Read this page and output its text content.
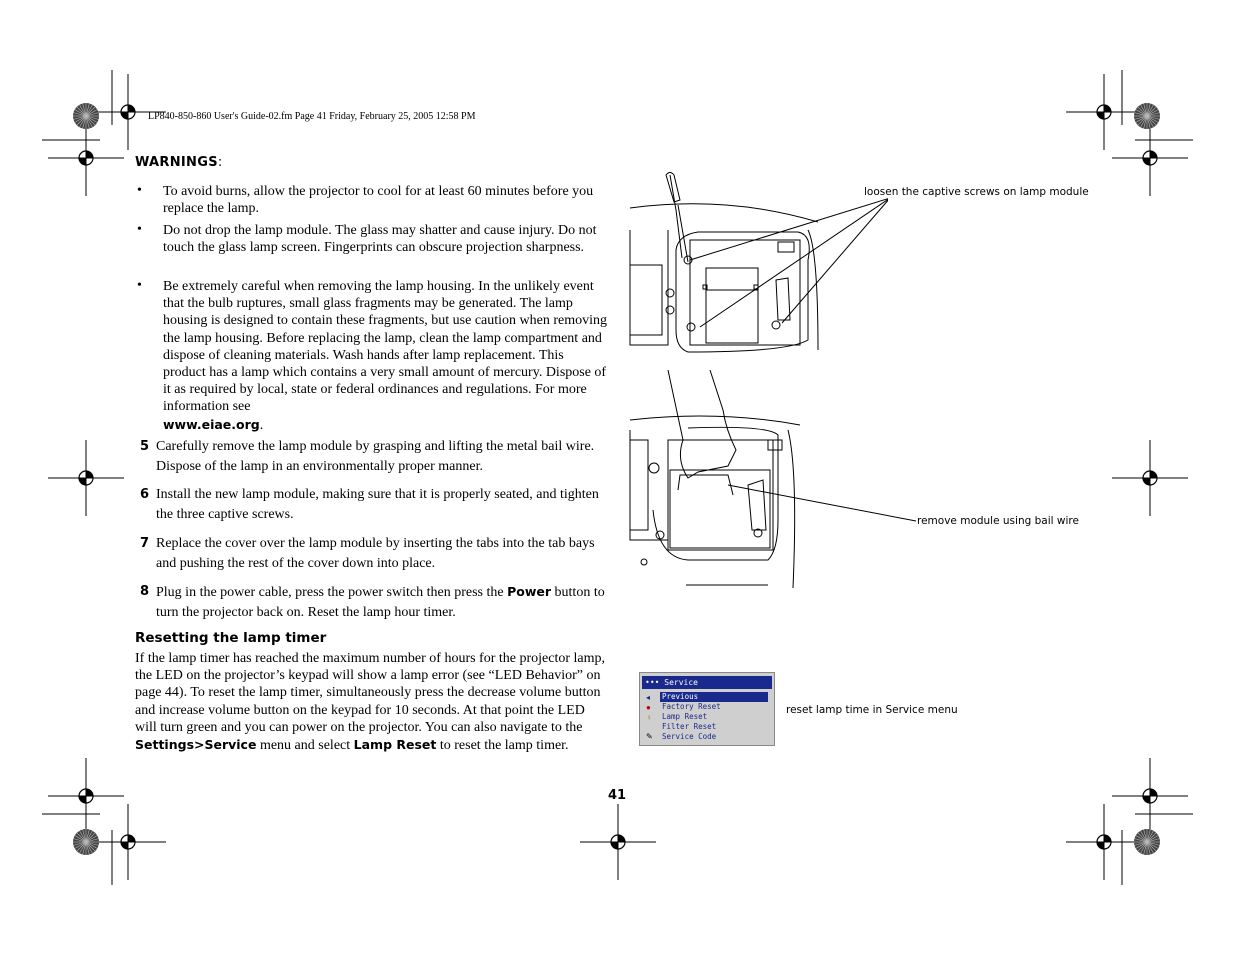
LP840-850-860 User's Guide-02.fm Page 41 Friday, February 25, 2005 12:58 PM
WARNINGS:
• To avoid burns, allow the projector to cool for at least 60 minutes before you replace the lamp.
• Do not drop the lamp module. The glass may shatter and cause injury. Do not touch the glass lamp screen. Fingerprints can obscure projection sharpness.
• Be extremely careful when removing the lamp housing. In the unlikely event that the bulb ruptures, small glass fragments may be generated. The lamp housing is designed to contain these fragments, but use caution when removing the lamp housing. Before replacing the lamp, clean the lamp compartment and dispose of cleaning materials. Wash hands after lamp replacement. This product has a lamp which contains a very small amount of mercury. Dispose of it as required by local, state or federal ordinances and regulations. For more information see
www.eiae.org.
5 Carefully remove the lamp module by grasping and lifting the metal bail wire. Dispose of the lamp in an environmentally proper manner.
6 Install the new lamp module, making sure that it is properly seated, and tighten the three captive screws.
7 Replace the cover over the lamp module by inserting the tabs into the tab bays and pushing the rest of the cover down into place.
8 Plug in the power cable, press the power switch then press the Power button to turn the projector back on. Reset the lamp hour timer.
Resetting the lamp timer
If the lamp timer has reached the maximum number of hours for the projector lamp, the LED on the projector’s keypad will show a lamp error (see “LED Behavior” on page 44). To reset the lamp timer, simultaneously press the decrease volume button and increase volume button on the keypad for 10 seconds. At that point the LED will turn green and you can power on the projector. You can also navigate to the Settings>Service menu and select Lamp Reset to reset the lamp timer.
41
loosen the captive screws on lamp module
remove module using bail wire
••• Service
◂	Previous
●	Factory Reset
♀ Lamp Reset
Filter Reset
✎ Service Code
reset lamp time in Service menu
